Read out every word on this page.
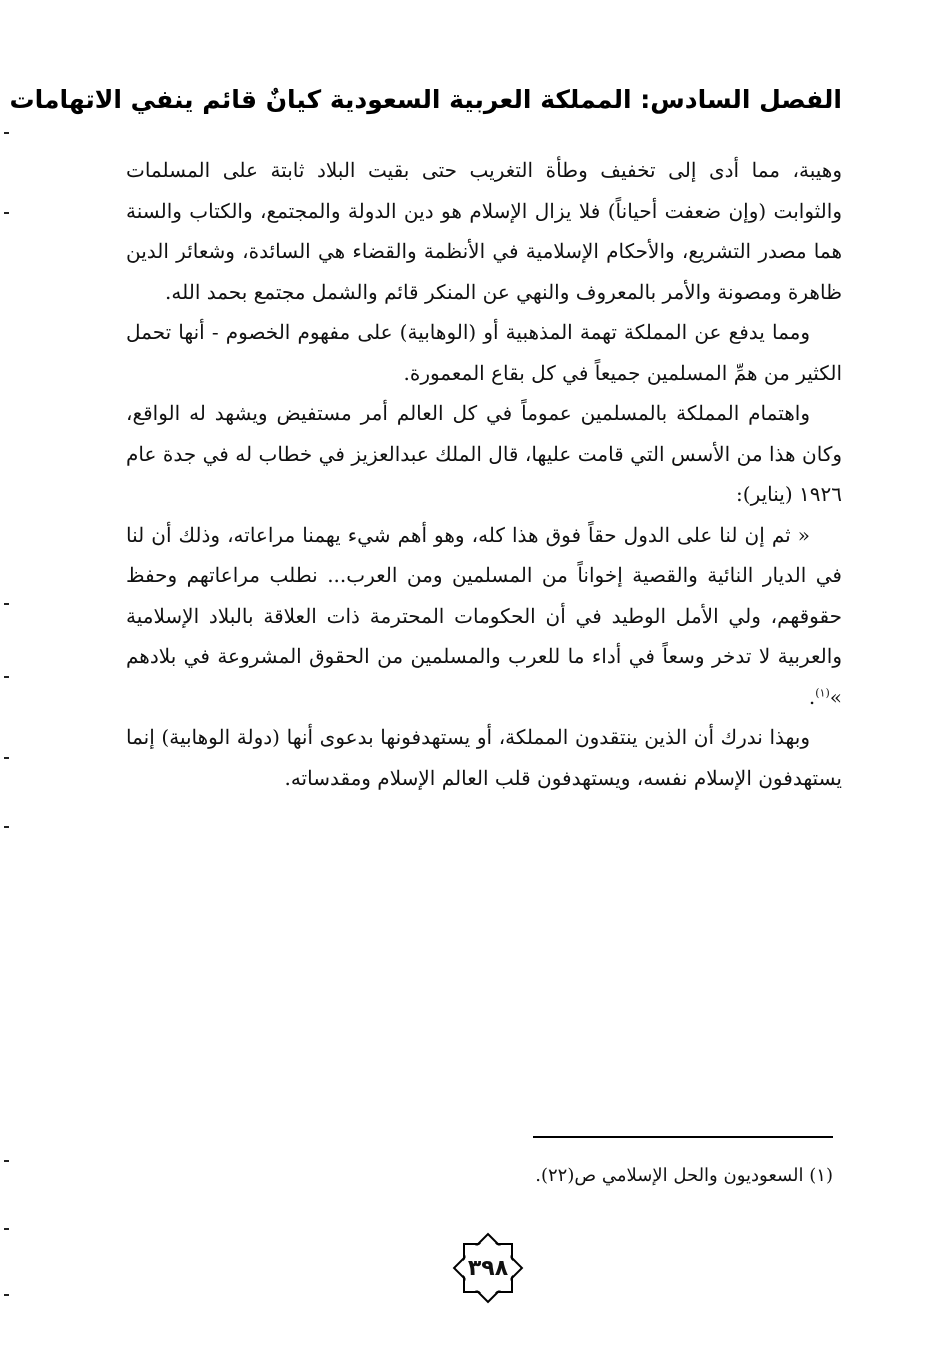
الفصل السادس: المملكة العربية السعودية كيانٌ قائم ينفي الاتهامات

وهيبة، مما أدى إلى تخفيف وطأة التغريب حتى بقيت البلاد ثابتة على المسلمات والثوابت (وإن ضعفت أحياناً) فلا يزال الإسلام هو دين الدولة والمجتمع، والكتاب والسنة هما مصدر التشريع، والأحكام الإسلامية في الأنظمة والقضاء هي السائدة، وشعائر الدين ظاهرة ومصونة والأمر بالمعروف والنهي عن المنكر قائم والشمل مجتمع بحمد الله.

ومما يدفع عن المملكة تهمة المذهبية أو (الوهابية) على مفهوم الخصوم - أنها تحمل الكثير من همِّ المسلمين جميعاً في كل بقاع المعمورة.

واهتمام المملكة بالمسلمين عموماً في كل العالم أمر مستفيض ويشهد له الواقع، وكان هذا من الأسس التي قامت عليها، قال الملك عبدالعزيز في خطاب له في جدة عام ١٩٢٦ (يناير):

« ثم إن لنا على الدول حقاً فوق هذا كله، وهو أهم شيء يهمنا مراعاته، وذلك أن لنا في الديار النائية والقصية إخواناً من المسلمين ومن العرب... نطلب مراعاتهم وحفظ حقوقهم، ولي الأمل الوطيد في أن الحكومات المحترمة ذات العلاقة بالبلاد الإسلامية والعربية لا تدخر وسعاً في أداء ما للعرب والمسلمين من الحقوق المشروعة في بلادهم »$^{(١)}$.

وبهذا ندرك أن الذين ينتقدون المملكة، أو يستهدفونها بدعوى أنها (دولة الوهابية) إنما يستهدفون الإسلام نفسه، ويستهدفون قلب العالم الإسلام ومقدساته.

(١) السعوديون والحل الإسلامي ص(٢٢).
٣٩٨
